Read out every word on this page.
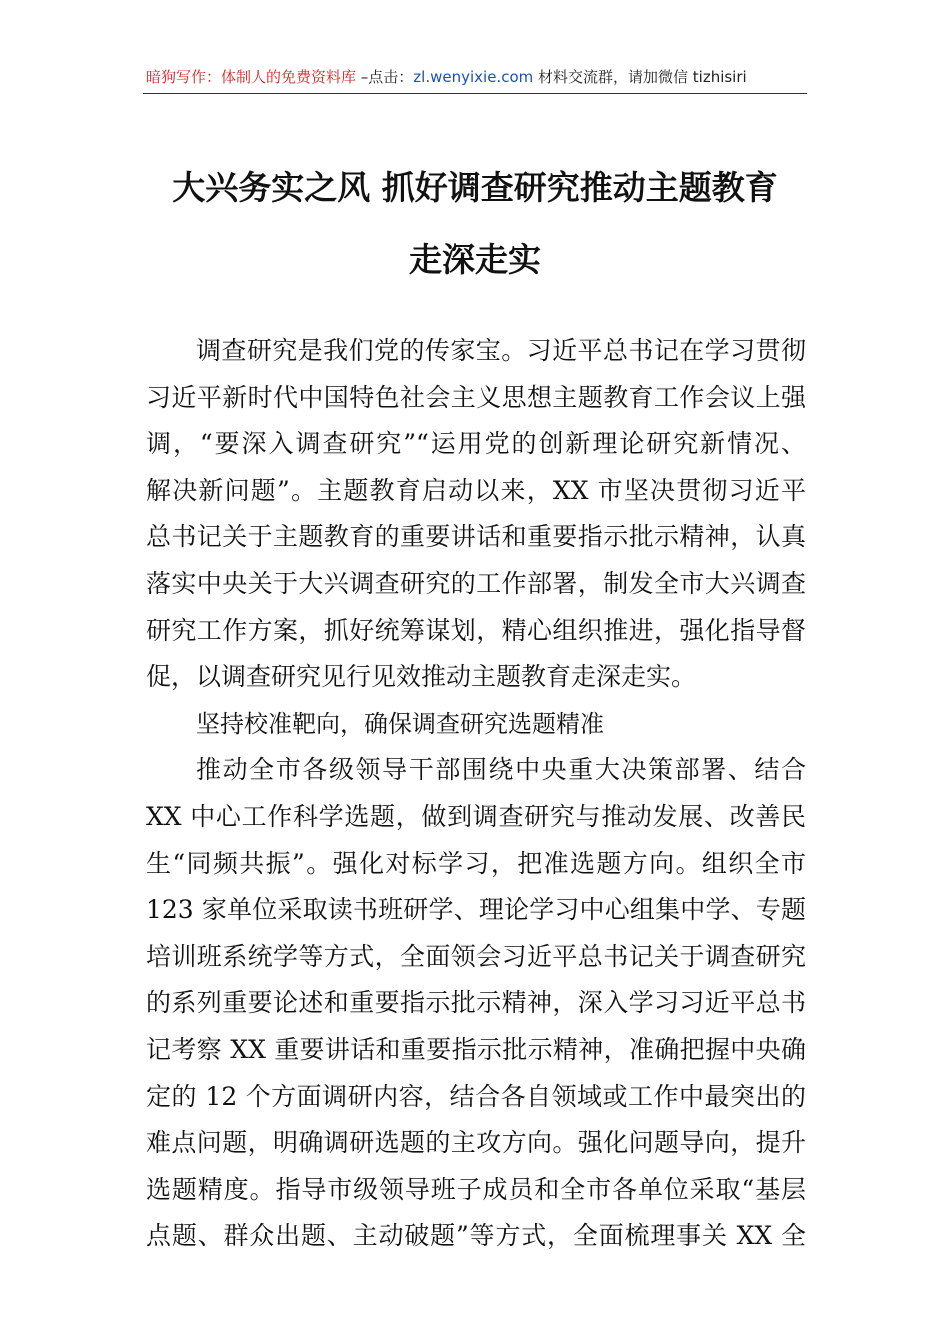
暗狗写作：体制人的免费资料库 –点击：zl.wenyixie.com 材料交流群，请加微信 tizhisiri
大兴务实之风 抓好调查研究推动主题教育
走深走实
调查研究是我们党的传家宝。习近平总书记在学习贯彻
习近平新时代中国特色社会主义思想主题教育工作会议上强
调，“要深入调查研究”“运用党的创新理论研究新情况、
解决新问题”。主题教育启动以来，XX 市坚决贯彻习近平
总书记关于主题教育的重要讲话和重要指示批示精神，认真
落实中央关于大兴调查研究的工作部署，制发全市大兴调查
研究工作方案，抓好统筹谋划，精心组织推进，强化指导督
促，以调查研究见行见效推动主题教育走深走实。
坚持校准靶向，确保调查研究选题精准
推动全市各级领导干部围绕中央重大决策部署、结合
XX 中心工作科学选题，做到调查研究与推动发展、改善民
生“同频共振”。强化对标学习，把准选题方向。组织全市
123 家单位采取读书班研学、理论学习中心组集中学、专题
培训班系统学等方式，全面领会习近平总书记关于调查研究
的系列重要论述和重要指示批示精神，深入学习习近平总书
记考察 XX 重要讲话和重要指示批示精神，准确把握中央确
定的 12 个方面调研内容，结合各自领域或工作中最突出的
难点问题，明确调研选题的主攻方向。强化问题导向，提升
选题精度。指导市级领导班子成员和全市各单位采取“基层
点题、群众出题、主动破题”等方式，全面梳理事关 XX 全
